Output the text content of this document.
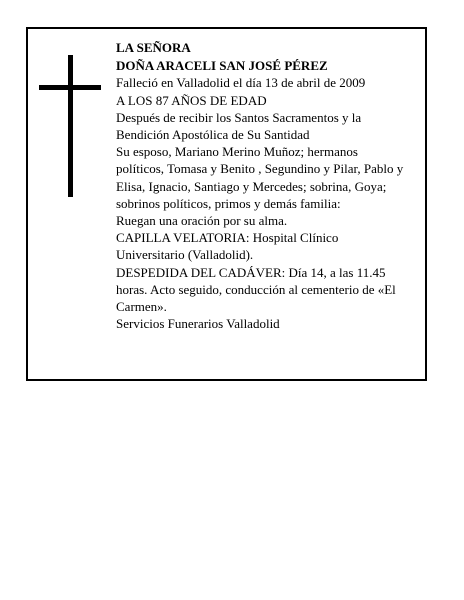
LA SEÑORA
DOÑA ARACELI SAN JOSÉ PÉREZ
Falleció en Valladolid el día 13 de abril de 2009
A LOS 87 AÑOS DE EDAD
Después de recibir los Santos Sacramentos y la
Bendición Apostólica de Su Santidad
Su esposo, Mariano Merino Muñoz; hermanos
políticos, Tomasa y Benito , Segundino y Pilar, Pablo y
Elisa, Ignacio, Santiago y Mercedes; sobrina, Goya;
sobrinos políticos, primos y demás familia:
Ruegan una oración por su alma.
CAPILLA VELATORIA: Hospital Clínico
Universitario (Valladolid).
DESPEDIDA DEL CADÁVER: Día 14, a las 11.45
horas. Acto seguido, conducción al cementerio de «El
Carmen».
Servicios Funerarios Valladolid
